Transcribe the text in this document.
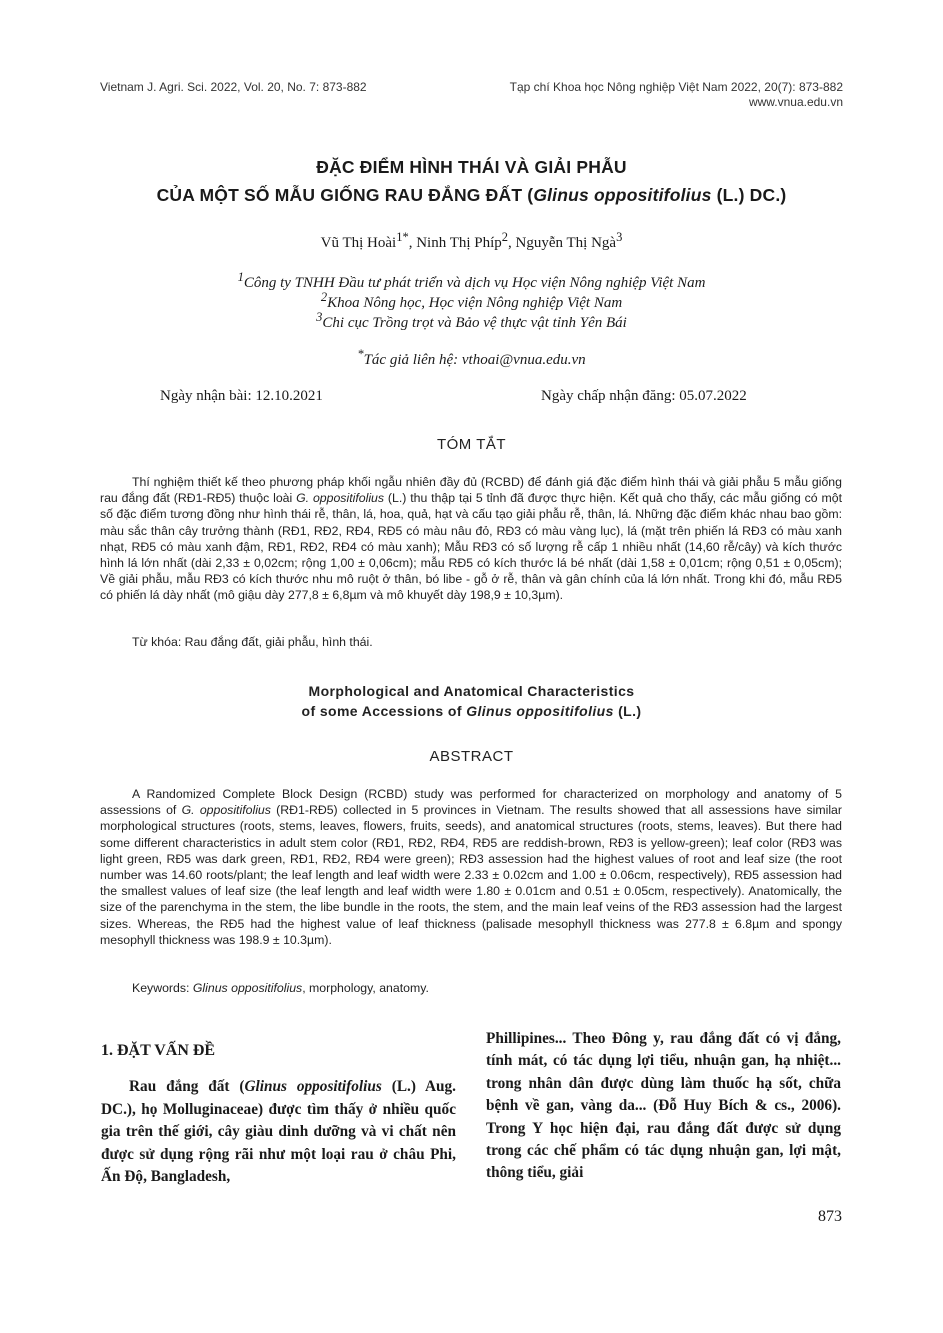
Vietnam J. Agri. Sci. 2022, Vol. 20, No. 7: 873-882	Tạp chí Khoa học Nông nghiệp Việt Nam 2022, 20(7): 873-882
www.vnua.edu.vn
ĐẶC ĐIỂM HÌNH THÁI VÀ GIẢI PHẪU
CỦA MỘT SỐ MẪU GIỐNG RAU ĐẮNG ĐẤT (Glinus oppositifolius (L.) DC.)
Vũ Thị Hoài$^{1*}$, Ninh Thị Phíp$^2$, Nguyễn Thị Ngà$^3$
$^1$Công ty TNHH Đầu tư phát triển và dịch vụ Học viện Nông nghiệp Việt Nam
$^2$Khoa Nông học, Học viện Nông nghiệp Việt Nam
$^3$Chi cục Trồng trọt và Bảo vệ thực vật tỉnh Yên Bái
*Tác giả liên hệ: vthoai@vnua.edu.vn
Ngày nhận bài: 12.10.2021	Ngày chấp nhận đăng: 05.07.2022
TÓM TẮT

Thí nghiệm thiết kế theo phương pháp khối ngẫu nhiên đầy đủ (RCBD) để đánh giá đặc điểm hình thái và giải phẫu 5 mẫu giống rau đắng đất (RĐ1-RĐ5) thuộc loài G. oppositifolius (L.) thu thập tại 5 tỉnh đã được thực hiện. Kết quả cho thấy, các mẫu giống có một số đặc điểm tương đồng như hình thái rễ, thân, lá, hoa, quả, hạt và cấu tạo giải phẫu rễ, thân, lá. Những đặc điểm khác nhau bao gồm: màu sắc thân cây trưởng thành (RĐ1, RĐ2, RĐ4, RĐ5 có màu nâu đỏ, RĐ3 có màu vàng lục), lá (mặt trên phiến lá RĐ3 có màu xanh nhạt, RĐ5 có màu xanh đậm, RĐ1, RĐ2, RĐ4 có màu xanh); Mẫu RĐ3 có số lượng rễ cấp 1 nhiều nhất (14,60 rễ/cây) và kích thước hình lá lớn nhất (dài 2,33 ± 0,02cm; rộng 1,00 ± 0,06cm); mẫu RĐ5 có kích thước lá bé nhất (dài 1,58 ± 0,01cm; rộng 0,51 ± 0,05cm); Về giải phẫu, mẫu RĐ3 có kích thước nhu mô ruột ở thân, bó libe - gỗ ở rễ, thân và gân chính của lá lớn nhất. Trong khi đó, mẫu RĐ5 có phiến lá dày nhất (mô giậu dày 277,8 ± 6,8µm và mô khuyết dày 198,9 ± 10,3µm).

Từ khóa: Rau đắng đất, giải phẫu, hình thái.
Morphological and Anatomical Characteristics
of some Accessions of Glinus oppositifolius (L.)
ABSTRACT

A Randomized Complete Block Design (RCBD) study was performed for characterized on morphology and anatomy of 5 assessions of G. oppositifolius (RĐ1-RĐ5) collected in 5 provinces in Vietnam. The results showed that all assessions have similar morphological structures (roots, stems, leaves, flowers, fruits, seeds), and anatomical structures (roots, stems, leaves). But there had some different characteristics in adult stem color (RĐ1, RĐ2, RĐ4, RĐ5 are reddish-brown, RĐ3 is yellow-green); leaf color (RĐ3 was light green, RĐ5 was dark green, RĐ1, RĐ2, RĐ4 were green); RĐ3 assession had the highest values of root and leaf size (the root number was 14.60 roots/plant; the leaf length and leaf width were 2.33 ± 0.02cm and 1.00 ± 0.06cm, respectively), RĐ5 assession had the smallest values of leaf size (the leaf length and leaf width were 1.80 ± 0.01cm and 0.51 ± 0.05cm, respectively). Anatomically, the size of the parenchyma in the stem, the libe bundle in the roots, the stem, and the main leaf veins of the RĐ3 assession had the largest sizes. Whereas, the RĐ5 had the highest value of leaf thickness (palisade mesophyll thickness was 277.8 ± 6.8µm and spongy mesophyll thickness was 198.9 ± 10.3µm).

Keywords: Glinus oppositifolius, morphology, anatomy.
1. ĐẶT VẤN ĐỀ

Rau đắng đất (Glinus oppositifolius (L.) Aug. DC.), họ Molluginaceae) được tìm thấy ở nhiều quốc gia trên thế giới, cây giàu dinh dưỡng và vi chất nên được sử dụng rộng rãi như một loại rau ở châu Phi, Ấn Độ, Bangladesh,

Phillipines... Theo Đông y, rau đắng đất có vị đắng, tính mát, có tác dụng lợi tiểu, nhuận gan, hạ nhiệt... trong nhân dân được dùng làm thuốc hạ sốt, chữa bệnh về gan, vàng da... (Đỗ Huy Bích & cs., 2006). Trong Y học hiện đại, rau đắng đất được sử dụng trong các chế phẩm có tác dụng nhuận gan, lợi mật, thông tiểu, giải

873
